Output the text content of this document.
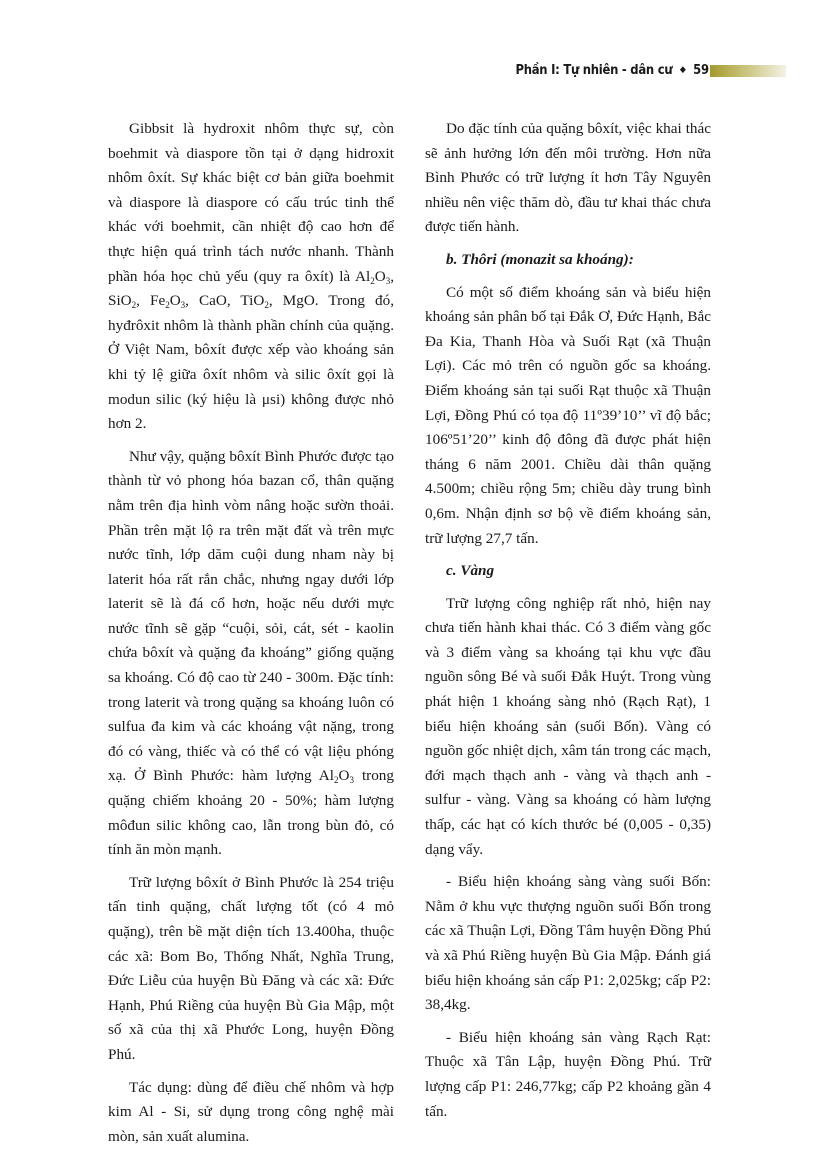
Phần I: Tự nhiên - dân cư ◆ 59

Gibbsit là hydroxit nhôm thực sự, còn boehmit và diaspore tồn tại ở dạng hidroxit nhôm ôxít. Sự khác biệt cơ bản giữa boehmit và diaspore là diaspore có cấu trúc tinh thể khác với boehmit, cần nhiệt độ cao hơn để thực hiện quá trình tách nước nhanh. Thành phần hóa học chủ yếu (quy ra ôxít) là $Al_2O_3$, SiO$_2$, $Fe_2O_3$, CaO, TiO$_2$, MgO. Trong đó, hyđrôxit nhôm là thành phần chính của quặng. Ở Việt Nam, bôxít được xếp vào khoáng sản khi tỷ lệ giữa ôxít nhôm và silic ôxít gọi là modun silic (ký hiệu là μsi) không được nhỏ hơn 2.

Như vậy, quặng bôxít Bình Phước được tạo thành từ vỏ phong hóa bazan cổ, thân quặng nằm trên địa hình vòm nâng hoặc sườn thoải. Phần trên mặt lộ ra trên mặt đất và trên mực nước tĩnh, lớp dăm cuội dung nham này bị laterit hóa rất rắn chắc, nhưng ngay dưới lớp laterit sẽ là đá cổ hơn, hoặc nếu dưới mực nước tĩnh sẽ gặp “cuội, sỏi, cát, sét - kaolin chứa bôxít và quặng đa khoáng” giống quặng sa khoáng. Có độ cao từ 240 - 300m. Đặc tính: trong laterit và trong quặng sa khoáng luôn có sulfua đa kim và các khoáng vật nặng, trong đó có vàng, thiếc và có thể có vật liệu phóng xạ. Ở Bình Phước: hàm lượng $Al_2O_3$ trong quặng chiếm khoảng 20 - 50%; hàm lượng môđun silic không cao, lẫn trong bùn đỏ, có tính ăn mòn mạnh.

Trữ lượng bôxít ở Bình Phước là 254 triệu tấn tinh quặng, chất lượng tốt (có 4 mỏ quặng), trên bề mặt diện tích 13.400ha, thuộc các xã: Bom Bo, Thống Nhất, Nghĩa Trung, Đức Liễu của huyện Bù Đăng và các xã: Đức Hạnh, Phú Riềng của huyện Bù Gia Mập, một số xã của thị xã Phước Long, huyện Đồng Phú.

Tác dụng: dùng để điều chế nhôm và hợp kim Al - Si, sử dụng trong công nghệ mài mòn, sản xuất alumina.

Do đặc tính của quặng bôxít, việc khai thác sẽ ảnh hưởng lớn đến môi trường. Hơn nữa Bình Phước có trữ lượng ít hơn Tây Nguyên nhiều nên việc thăm dò, đầu tư khai thác chưa được tiến hành.

b. Thôri (monazit sa khoáng):

Có một số điểm khoáng sản và biểu hiện khoáng sản phân bố tại Đắk Ơ, Đức Hạnh, Bắc Đa Kia, Thanh Hòa và Suối Rạt (xã Thuận Lợi). Các mỏ trên có nguồn gốc sa khoáng. Điểm khoáng sản tại suối Rạt thuộc xã Thuận Lợi, Đồng Phú có tọa độ 11º39’10’’ vĩ độ bắc; 106º51’20’’ kinh độ đông đã được phát hiện tháng 6 năm 2001. Chiều dài thân quặng 4.500m; chiều rộng 5m; chiều dày trung bình 0,6m. Nhận định sơ bộ về điểm khoáng sản, trữ lượng 27,7 tấn.

c. Vàng

Trữ lượng công nghiệp rất nhỏ, hiện nay chưa tiến hành khai thác. Có 3 điểm vàng gốc và 3 điểm vàng sa khoáng tại khu vực đầu nguồn sông Bé và suối Đắk Huýt. Trong vùng phát hiện 1 khoáng sàng nhỏ (Rạch Rạt), 1 biểu hiện khoáng sản (suối Bốn). Vàng có nguồn gốc nhiệt dịch, xâm tán trong các mạch, đới mạch thạch anh - vàng và thạch anh - sulfur - vàng. Vàng sa khoáng có hàm lượng thấp, các hạt có kích thước bé (0,005 - 0,35) dạng vẩy.

- Biểu hiện khoáng sàng vàng suối Bốn: Nằm ở khu vực thượng nguồn suối Bốn trong các xã Thuận Lợi, Đồng Tâm huyện Đồng Phú và xã Phú Riềng huyện Bù Gia Mập. Đánh giá biểu hiện khoáng sản cấp P1: 2,025kg; cấp P2: 38,4kg.

- Biểu hiện khoáng sản vàng Rạch Rạt: Thuộc xã Tân Lập, huyện Đồng Phú. Trữ lượng cấp P1: 246,77kg; cấp P2 khoảng gần 4 tấn.
